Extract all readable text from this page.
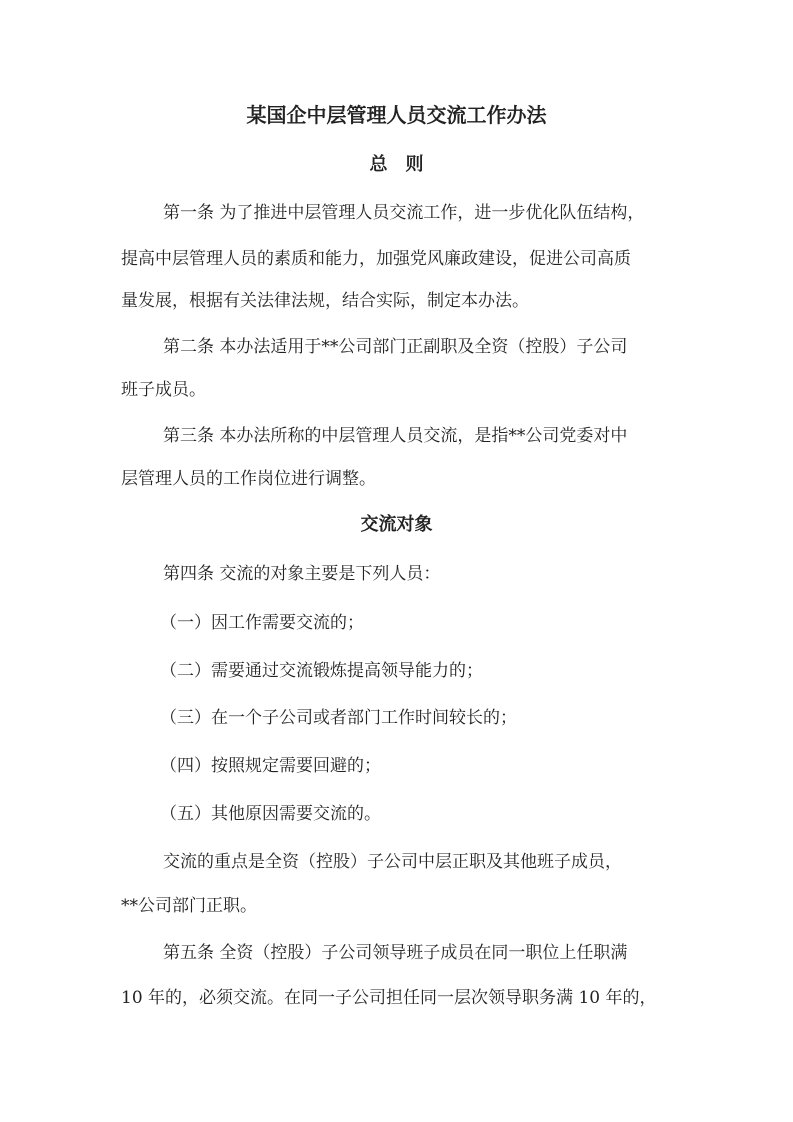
某国企中层管理人员交流工作办法
总　则
第一条 为了推进中层管理人员交流工作，进一步优化队伍结构，
提高中层管理人员的素质和能力，加强党风廉政建设，促进公司高质
量发展，根据有关法律法规，结合实际，制定本办法。
第二条 本办法适用于**公司部门正副职及全资（控股）子公司
班子成员。
第三条 本办法所称的中层管理人员交流，是指**公司党委对中
层管理人员的工作岗位进行调整。
交流对象
第四条 交流的对象主要是下列人员：
（一）因工作需要交流的；
（二）需要通过交流锻炼提高领导能力的；
（三）在一个子公司或者部门工作时间较长的；
（四）按照规定需要回避的；
（五）其他原因需要交流的。
交流的重点是全资（控股）子公司中层正职及其他班子成员，
**公司部门正职。
第五条 全资（控股）子公司领导班子成员在同一职位上任职满
10 年的，必须交流。在同一子公司担任同一层次领导职务满 10 年的，
